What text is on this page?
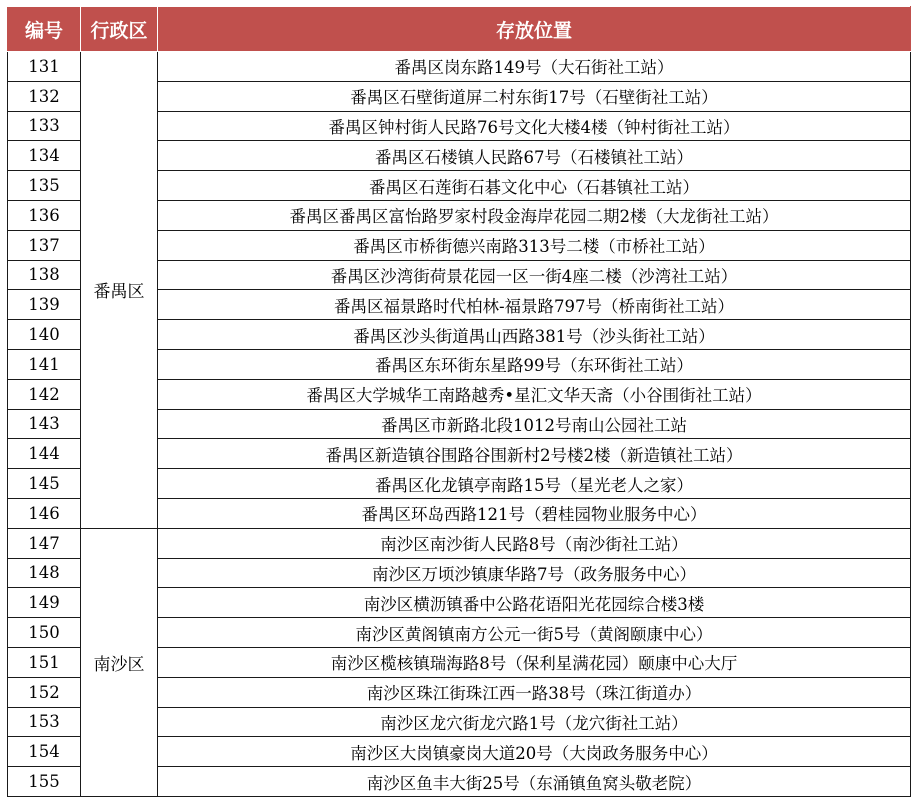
编号	行政区	存放位置
131	番禺区	番禺区岗东路149号（大石街社工站）
132		番禺区石壁街道屏二村东街17号（石壁街社工站）
133		番禺区钟村街人民路76号文化大楼4楼（钟村街社工站）
134		番禺区石楼镇人民路67号（石楼镇社工站）
135		番禺区石莲街石碁文化中心（石碁镇社工站）
136		番禺区番禺区富怡路罗家村段金海岸花园二期2楼（大龙街社工站）
137		番禺区市桥街德兴南路313号二楼（市桥社工站）
138		番禺区沙湾街荷景花园一区一街4座二楼（沙湾社工站）
139		番禺区福景路时代柏林-福景路797号（桥南街社工站）
140		番禺区沙头街道禺山西路381号（沙头街社工站）
141		番禺区东环街东星路99号（东环街社工站）
142		番禺区大学城华工南路越秀•星汇文华天斋（小谷围街社工站）
143		番禺区市新路北段1012号南山公园社工站
144		番禺区新造镇谷围路谷围新村2号楼2楼（新造镇社工站）
145		番禺区化龙镇亭南路15号（星光老人之家）
146		番禺区环岛西路121号（碧桂园物业服务中心）
147	南沙区	南沙区南沙街人民路8号（南沙街社工站）
148		南沙区万顷沙镇康华路7号（政务服务中心）
149		南沙区横沥镇番中公路花语阳光花园综合楼3楼
150		南沙区黄阁镇南方公元一街5号（黄阁颐康中心）
151		南沙区榄核镇瑞海路8号（保利星满花园）颐康中心大厅
152		南沙区珠江街珠江西一路38号（珠江街道办）
153		南沙区龙穴街龙穴路1号（龙穴街社工站）
154		南沙区大岗镇豪岗大道20号（大岗政务服务中心）
155		南沙区鱼丰大街25号（东涌镇鱼窝头敬老院）
